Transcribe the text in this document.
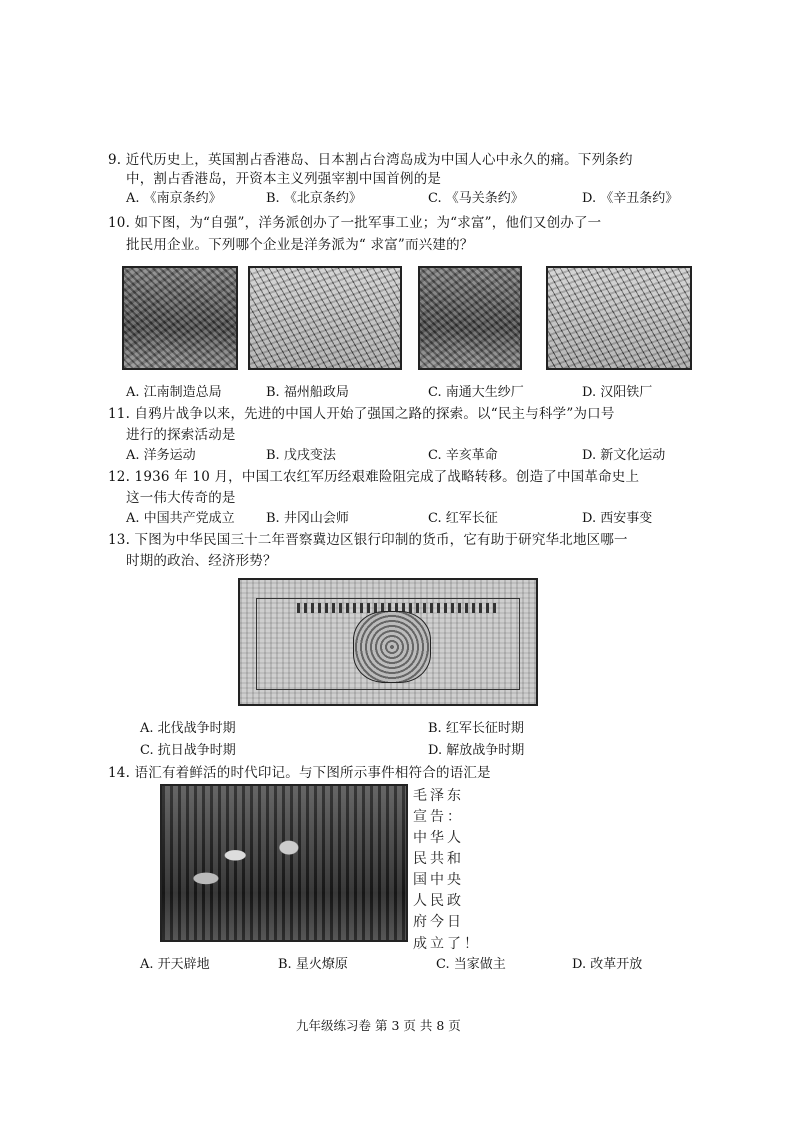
9. 近代历史上，英国割占香港岛、日本割占台湾岛成为中国人心中永久的痛。下列条约
中，割占香港岛，开资本主义列强宰割中国首例的是
A. 《南京条约》	B. 《北京条约》	C. 《马关条约》	D. 《辛丑条约》
10. 如下图，为“自强”，洋务派创办了一批军事工业；为“求富”，他们又创办了一
批民用企业。下列哪个企业是洋务派为“ 求富”而兴建的？
A. 江南制造总局	B. 福州船政局	C. 南通大生纱厂	D. 汉阳铁厂
11. 自鸦片战争以来，先进的中国人开始了强国之路的探索。以“民主与科学”为口号
进行的探索活动是
A. 洋务运动	B. 戊戌变法	C. 辛亥革命	D. 新文化运动
12. 1936 年 10 月，中国工农红军历经艰难险阻完成了战略转移。创造了中国革命史上
这一伟大传奇的是
A. 中国共产党成立 B. 井冈山会师	C. 红军长征	D. 西安事变
13. 下图为中华民国三十二年晋察冀边区银行印制的货币，它有助于研究华北地区哪一
时期的政治、经济形势？
A. 北伐战争时期	B. 红军长征时期
C. 抗日战争时期	D. 解放战争时期
14. 语汇有着鲜活的时代印记。与下图所示事件相符合的语汇是
毛泽东
宣告：
中华人
民共和
国中央
人民政
府今日
成立了！
A. 开天辟地	B. 星火燎原	C. 当家做主	D. 改革开放
九年级练习卷 第 3 页 共 8 页
